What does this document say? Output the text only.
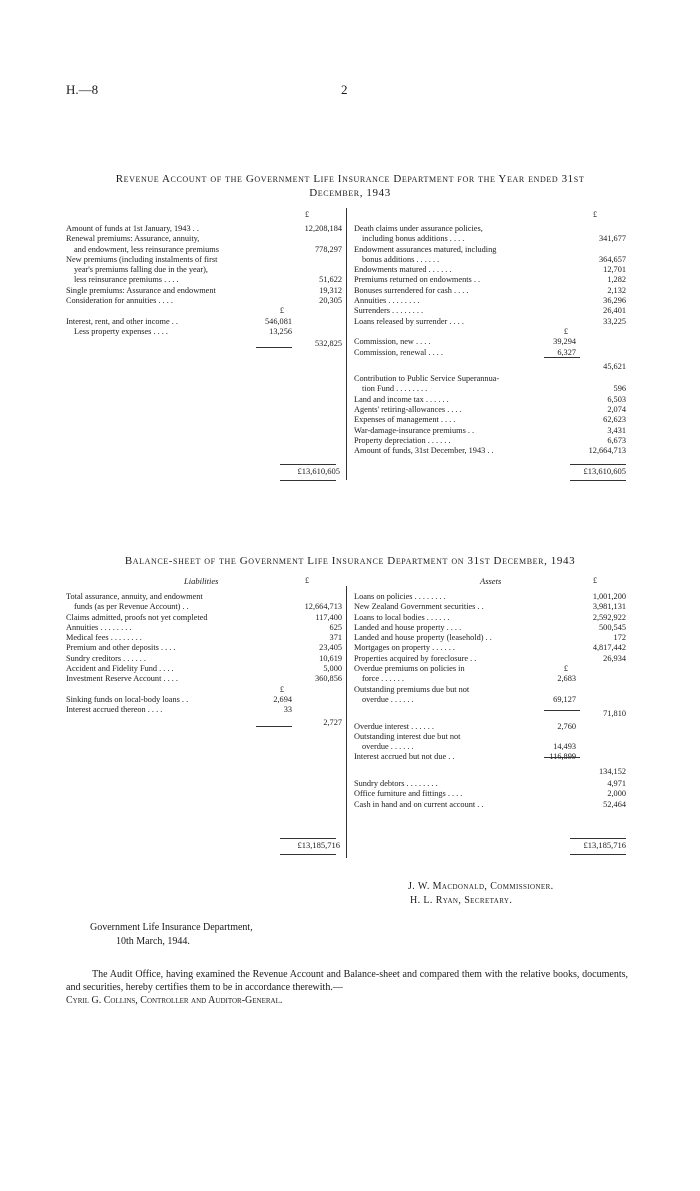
H.—8	2
Revenue Account of the Government Life Insurance Department for the Year ended 31st
December, 1943
£	£
Amount of funds at 1st January, 1943 . .	12,208,184
Renewal premiums: Assurance, annuity,
and endowment, less reinsurance premiums	778,297
New premiums (including instalments of first
year's premiums falling due in the year),
less reinsurance premiums . . . .	51,622
Single premiums: Assurance and endowment	19,312
Consideration for annuities . . . .	20,305
£
Interest, rent, and other income . .	546,081
Less property expenses . . . .	13,256
532,825
£13,610,605
Death claims under assurance policies,
including bonus additions . . . .	341,677
Endowment assurances matured, including
bonus additions . . . . . .	364,657
Endowments matured . . . . . .	12,701
Premiums returned on endowments . .	1,282
Bonuses surrendered for cash . . . .	2,132
Annuities . . . . . . . .	36,296
Surrenders . . . . . . . .	26,401
Loans released by surrender . . . .	33,225
£
Commission, new . . . .	39,294
Commission, renewal . . . .	6,327
45,621
Contribution to Public Service Superannua-
tion Fund . . . . . . . .	596
Land and income tax . . . . . .	6,503
Agents' retiring-allowances . . . .	2,074
Expenses of management . . . .	62,623
War-damage-insurance premiums . .	3,431
Property depreciation . . . . . .	6,673
Amount of funds, 31st December, 1943 . .	12,664,713
£13,610,605
Balance-sheet of the Government Life Insurance Department on 31st December, 1943
Liabilities	£	Assets	£
Total assurance, annuity, and endowment
funds (as per Revenue Account) . .	12,664,713
Claims admitted, proofs not yet completed	117,400
Annuities . . . . . . . .	625
Medical fees . . . . . . . .	371
Premium and other deposits . . . .	23,405
Sundry creditors . . . . . .	10,619
Accident and Fidelity Fund . . . .	5,000
Investment Reserve Account . . . .	360,856
£
Sinking funds on local-body loans . .	2,694
Interest accrued thereon . . . .	33
2,727
£13,185,716
Loans on policies . . . . . . . .	1,001,200
New Zealand Government securities . .	3,981,131
Loans to local bodies . . . . . .	2,592,922
Landed and house property . . . .	500,545
Landed and house property (leasehold) . .	172
Mortgages on property . . . . . .	4,817,442
Properties acquired by foreclosure . .	26,934
Overdue premiums on policies in	£
force . . . . . .	2,683
Outstanding premiums due but not
overdue . . . . . .	69,127
71,810
Overdue interest . . . . . .	2,760
Outstanding interest due but not
overdue . . . . . .	14,493
Interest accrued but not due . .	116,899
134,152
Sundry debtors . . . . . . . .	4,971
Office furniture and fittings . . . .	2,000
Cash in hand and on current account . .	52,464
£13,185,716
J. W. Macdonald, Commissioner.
H. L. Ryan, Secretary.
Government Life Insurance Department,
10th March, 1944.
The Audit Office, having examined the Revenue Account and Balance-sheet and compared them with the relative books, documents, and securities, hereby certifies them to be in accordance therewith.—
Cyril G. Collins, Controller and Auditor-General.
